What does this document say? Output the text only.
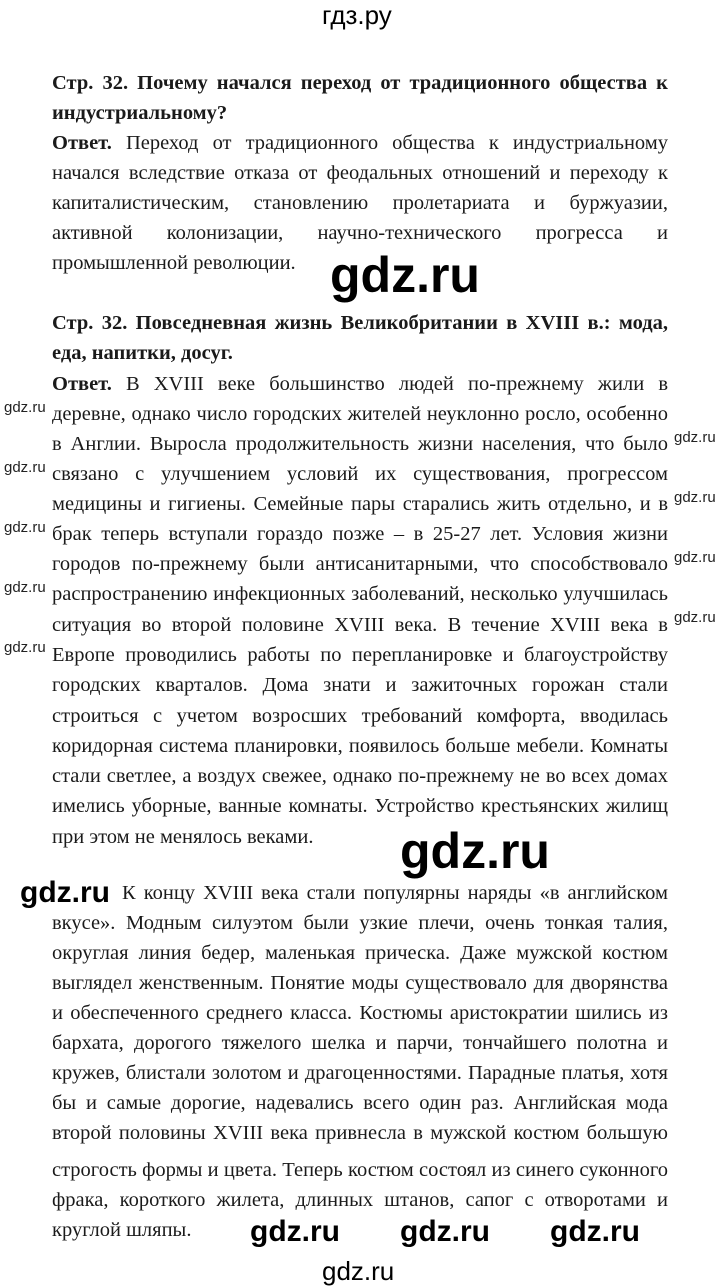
гдз.ру
gdz.ru
Стр. 32. Почему начался переход от традиционного общества к
индустриальному?
Ответ. Переход от традиционного общества к индустриальному
начался вследствие отказа от феодальных отношений и переходу к
капиталистическим, становлению пролетариата и буржуазии,
активной колонизации, научно-технического прогресса и
промышленной революции.
Стр. 32. Повседневная жизнь Великобритании в XVIII в.: мода,
еда, напитки, досуг.
Ответ. В XVIII веке большинство людей по-прежнему жили в
деревне, однако число городских жителей неуклонно росло, особенно
в Англии. Выросла продолжительность жизни населения, что было
связано с улучшением условий их существования, прогрессом
медицины и гигиены. Семейные пары старались жить отдельно, и в
брак теперь вступали гораздо позже – в 25-27 лет. Условия жизни
городов по-прежнему были антисанитарными, что способствовало
распространению инфекционных заболеваний, несколько улучшилась
ситуация во второй половине XVIII века. В течение XVIII века в
Европе проводились работы по перепланировке и благоустройству
городских кварталов. Дома знати и зажиточных горожан стали
строиться с учетом возросших требований комфорта, вводилась
коридорная система планировки, появилось больше мебели. Комнаты
стали светлее, а воздух свежее, однако по-прежнему не во всех домах
имелись уборные, ванные комнаты. Устройство крестьянских жилищ
при этом не менялось веками.
К концу XVIII века стали популярны наряды «в английском
вкусе». Модным силуэтом были узкие плечи, очень тонкая талия,
округлая линия бедер, маленькая прическа. Даже мужской костюм
выглядел женственным. Понятие моды существовало для дворянства
и обеспеченного среднего класса. Костюмы аристократии шились из
бархата, дорогого тяжелого шелка и парчи, тончайшего полотна и
кружев, блистали золотом и драгоценностями. Парадные платья, хотя
бы и самые дорогие, надевались всего один раз. Английская мода
второй половины XVIII века привнесла в мужской костюм большую
строгость формы и цвета. Теперь костюм состоял из синего суконного
фрака, короткого жилета, длинных штанов, сапог с отворотами и
круглой шляпы.
gdz.ru
gdz.ru
gdz.ru
gdz.ru
gdz.ru
gdz.ru
gdz.ru
gdz.ru
gdz.ru
gdz.ru
gdz.ru
gdz.ru
gdz.ru gdz.ru gdz.ru
